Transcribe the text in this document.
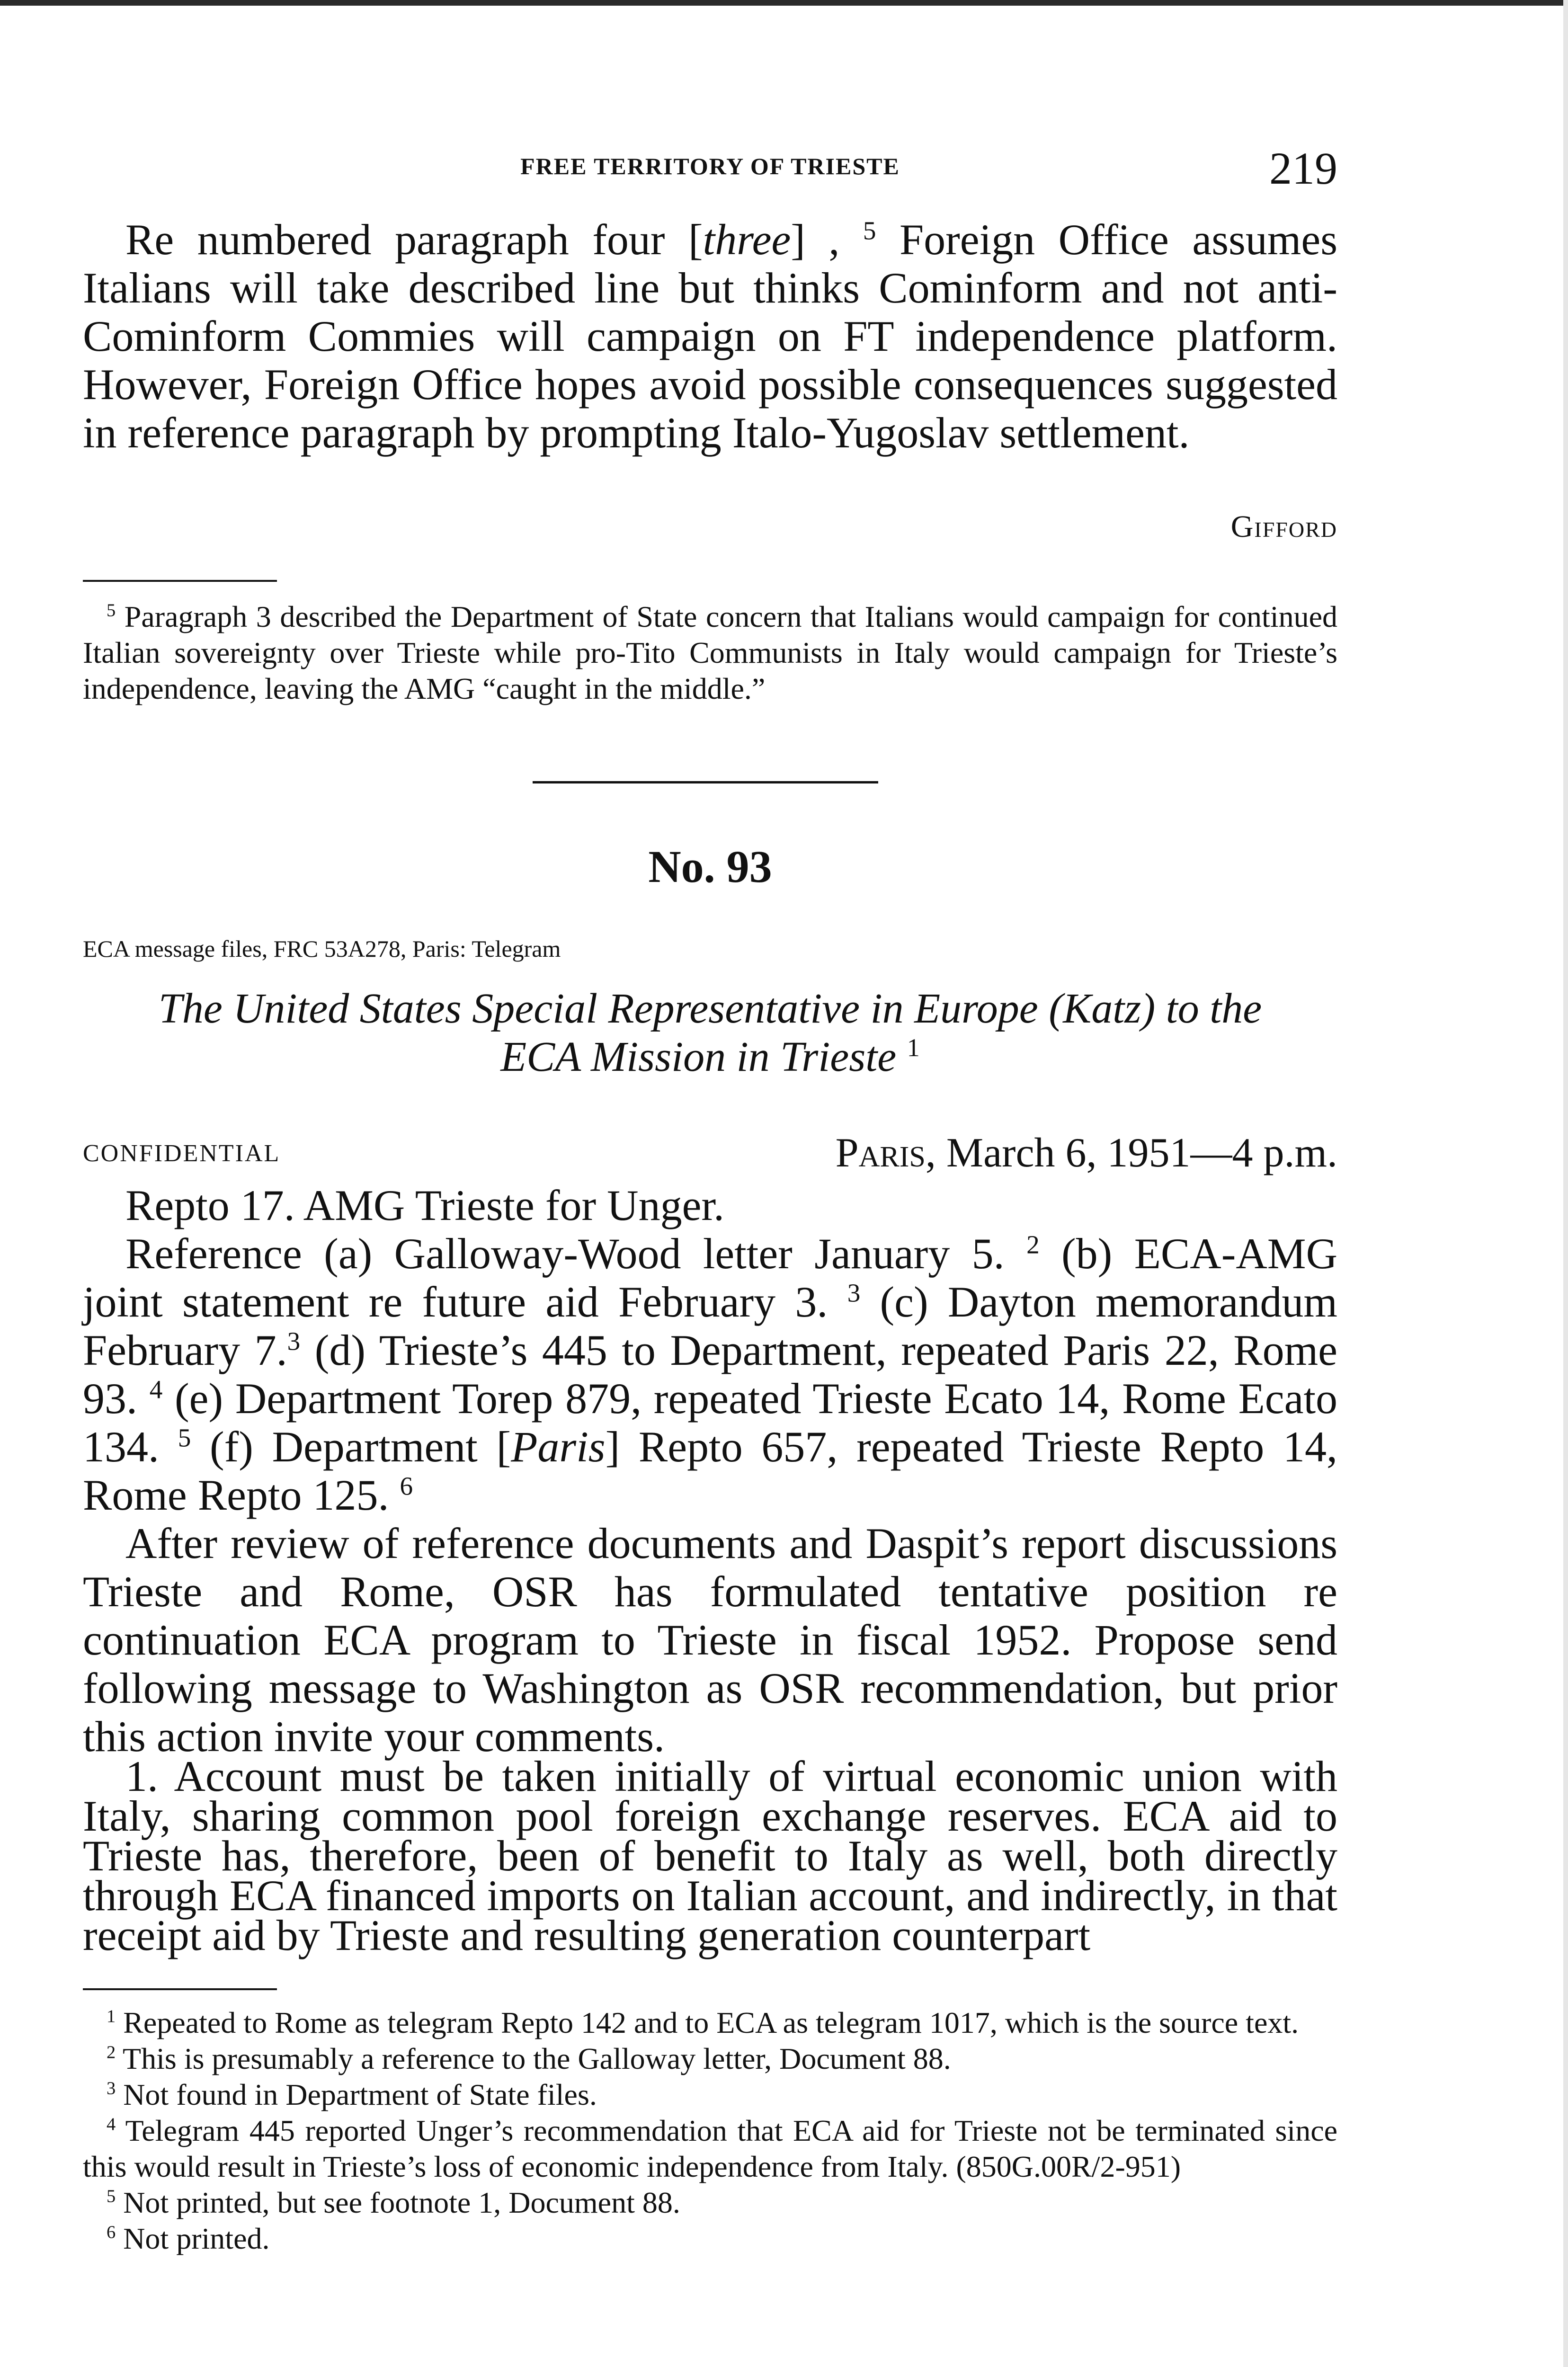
FREE TERRITORY OF TRIESTE	219

Re numbered paragraph four [three] , $^5$ Foreign Office assumes Italians will take described line but thinks Cominform and not anti-Cominform Commies will campaign on FT independence platform. However, Foreign Office hopes avoid possible consequences suggested in reference paragraph by prompting Italo-Yugoslav settlement.

Gifford

$^5$ Paragraph 3 described the Department of State concern that Italians would campaign for continued Italian sovereignty over Trieste while pro-Tito Communists in Italy would campaign for Trieste’s independence, leaving the AMG “caught in the middle.”

No. 93
ECA message files, FRC 53A278, Paris: Telegram
The United States Special Representative in Europe (Katz) to the
ECA Mission in Trieste $^1$
CONFIDENTIAL	Paris, March 6, 1951—4 p.m.

Repto 17. AMG Trieste for Unger.

Reference (a) Galloway-Wood letter January 5. $^2$ (b) ECA-AMG joint statement re future aid February 3. $^3$ (c) Dayton memorandum February 7.$^3$ (d) Trieste’s 445 to Department, repeated Paris 22, Rome 93. $^4$ (e) Department Torep 879, repeated Trieste Ecato 14, Rome Ecato 134. $^5$ (f) Department [Paris] Repto 657, repeated Trieste Repto 14, Rome Repto 125. $^6$

After review of reference documents and Daspit’s report discussions Trieste and Rome, OSR has formulated tentative position re continuation ECA program to Trieste in fiscal 1952. Propose send following message to Washington as OSR recommendation, but prior this action invite your comments.

1. Account must be taken initially of virtual economic union with Italy, sharing common pool foreign exchange reserves. ECA aid to Trieste has, therefore, been of benefit to Italy as well, both directly through ECA financed imports on Italian account, and indirectly, in that receipt aid by Trieste and resulting generation counterpart

$^1$ Repeated to Rome as telegram Repto 142 and to ECA as telegram 1017, which is the source text.

$^2$ This is presumably a reference to the Galloway letter, Document 88.

$^3$ Not found in Department of State files.

$^4$ Telegram 445 reported Unger’s recommendation that ECA aid for Trieste not be terminated since this would result in Trieste’s loss of economic independence from Italy. (850G.00R/2-951)

$^5$ Not printed, but see footnote 1, Document 88.

$^6$ Not printed.
